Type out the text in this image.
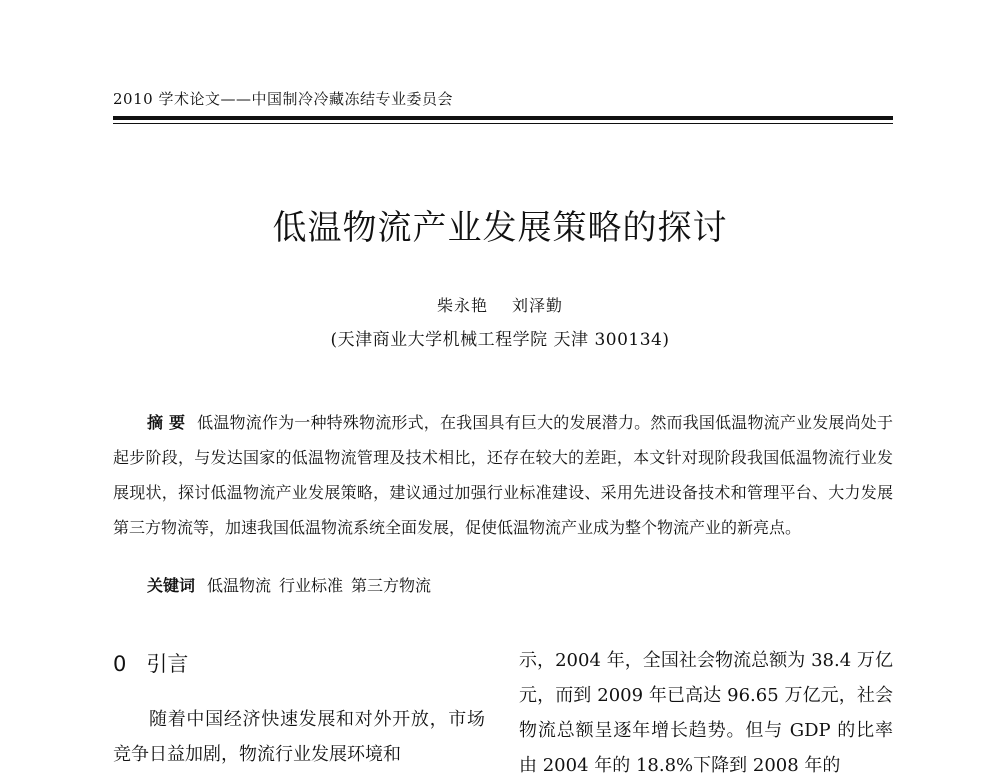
2010 学术论文——中国制冷冷藏冻结专业委员会
低温物流产业发展策略的探讨
柴永艳 刘泽勤
(天津商业大学机械工程学院 天津 300134)
摘 要 低温物流作为一种特殊物流形式，在我国具有巨大的发展潜力。然而我国低温物流产业发展尚处于起步阶段，与发达国家的低温物流管理及技术相比，还存在较大的差距，本文针对现阶段我国低温物流行业发展现状，探讨低温物流产业发展策略，建议通过加强行业标准建设、采用先进设备技术和管理平台、大力发展第三方物流等，加速我国低温物流系统全面发展，促使低温物流产业成为整个物流产业的新亮点。
关键词 低温物流 行业标准 第三方物流
0 引言
随着中国经济快速发展和对外开放，市场竞争日益加剧，物流行业发展环境和
示，2004 年，全国社会物流总额为 38.4 万亿元，而到 2009 年已高达 96.65 万亿元，社会物流总额呈逐年增长趋势。但与 GDP 的比率由 2004 年的 18.8%下降到 2008 年的
